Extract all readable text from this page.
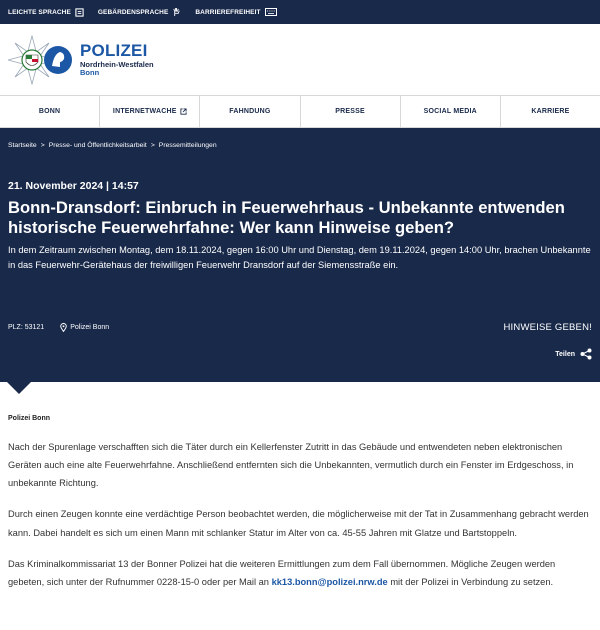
LEICHTE SPRACHE	GEBÄRDENSPRACHE	BARRIEREFREIHEIT
POLIZEI
Nordrhein-Westfalen
Bonn
BONN	INTERNETWACHE	FAHNDUNG	PRESSE	SOCIAL MEDIA	KARRIERE
Startseite > Presse- und Öffentlichkeitsarbeit > Pressemitteilungen
21. November 2024 | 14:57
Bonn-Dransdorf: Einbruch in Feuerwehrhaus - Unbekannte entwenden historische Feuerwehrfahne: Wer kann Hinweise geben?

In dem Zeitraum zwischen Montag, dem 18.11.2024, gegen 16:00 Uhr und Dienstag, dem 19.11.2024, gegen 14:00 Uhr, brachen Unbekannte in das Feuerwehr-Gerätehaus der freiwilligen Feuerwehr Dransdorf auf der Siemensstraße ein.

PLZ: 53121	Polizei Bonn	HINWEISE GEBEN!
Teilen
Polizei Bonn

Nach der Spurenlage verschafften sich die Täter durch ein Kellerfenster Zutritt in das Gebäude und entwendeten neben elektronischen Geräten auch eine alte Feuerwehrfahne. Anschließend entfernten sich die Unbekannten, vermutlich durch ein Fenster im Erdgeschoss, in unbekannte Richtung.

Durch einen Zeugen konnte eine verdächtige Person beobachtet werden, die möglicherweise mit der Tat in Zusammenhang gebracht werden kann. Dabei handelt es sich um einen Mann mit schlanker Statur im Alter von ca. 45-55 Jahren mit Glatze und Bartstoppeln.

Das Kriminalkommissariat 13 der Bonner Polizei hat die weiteren Ermittlungen zum dem Fall übernommen. Mögliche Zeugen werden gebeten, sich unter der Rufnummer 0228-15-0 oder per Mail an kk13.bonn@polizei.nrw.de mit der Polizei in Verbindung zu setzen.
